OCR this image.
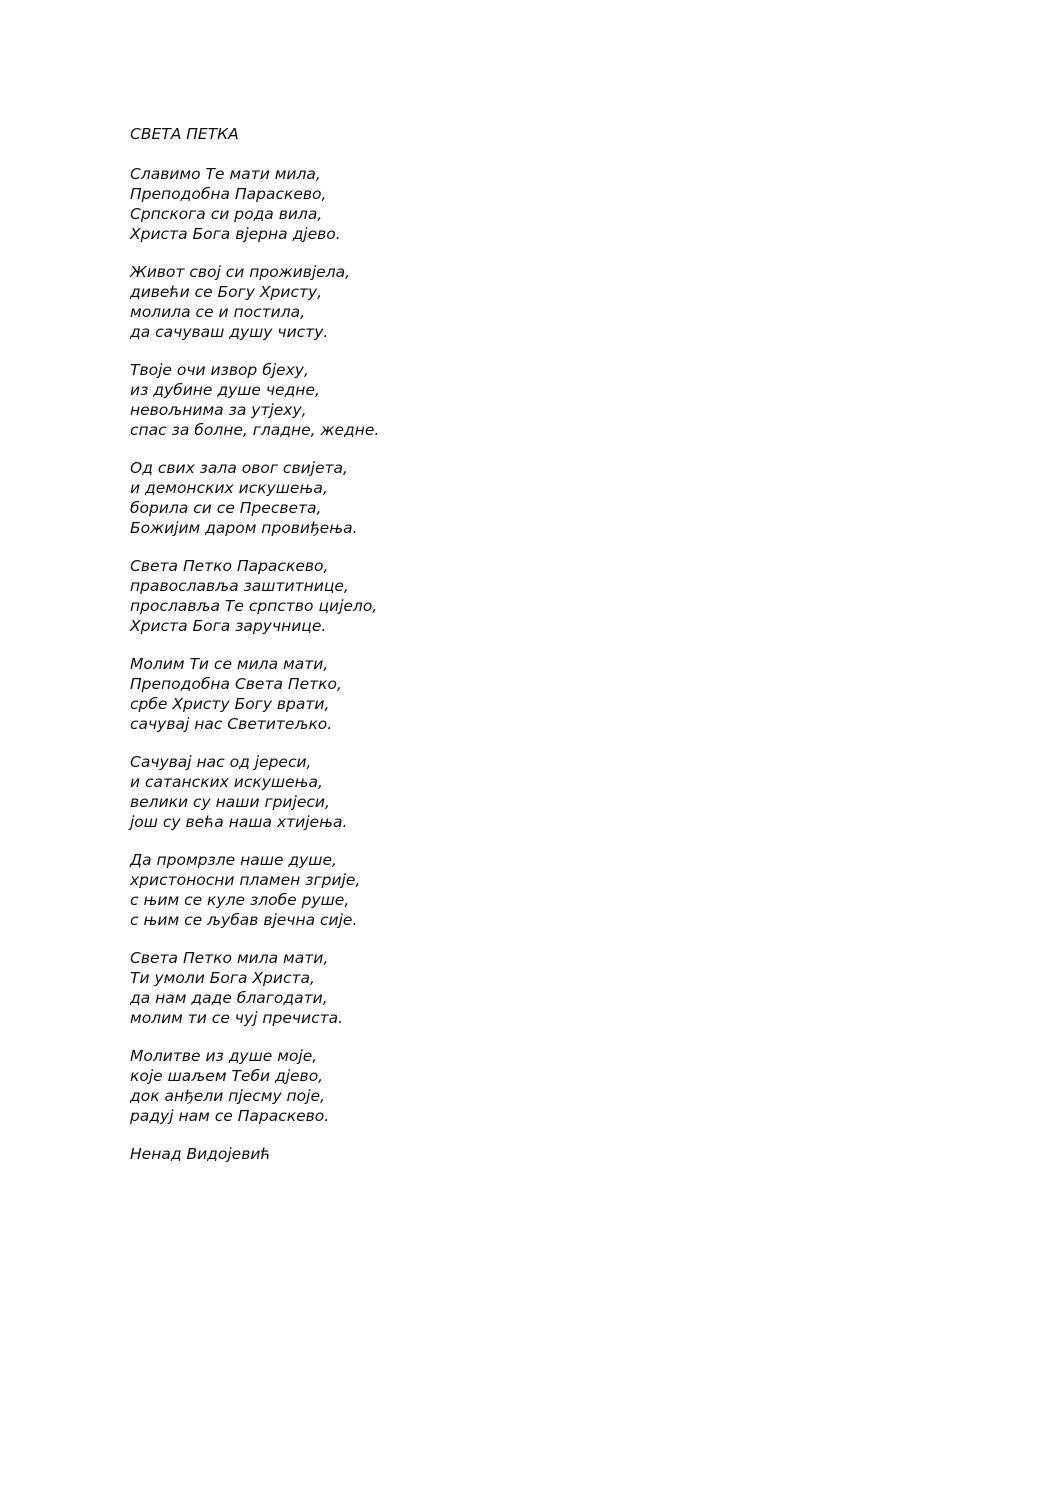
СВЕТА ПЕТКА
Славимо Те мати мила,
Преподобна Параскево,
Српскога си рода вила,
Христа Бога вјерна дјево.
Живот свој си проживјела,
дивећи се Богу Христу,
молила се и постила,
да сачуваш душу чисту.
Твоје очи извор бјеху,
из дубине душе чедне,
невољнима за утјеху,
спас за болне, гладне, жедне.
Од свих зала овог свијета,
и демонских искушења,
борила си се Пресвета,
Божијим даром провиђења.
Света Петко Параскево,
православља заштитнице,
прослављa Те српство цијело,
Христа Бога заручнице.
Молим Ти се мила мати,
Преподобна Света Петко,
србе Христу Богу врати,
сачувај нас Светитељко.
Сачувај нас од јереси,
и сатанских искушења,
велики су наши гријеси,
још су већа наша хтијења.
Да промрзле наше душе,
христоносни пламен згрије,
с њим се куле злобе руше,
с њим се љубав вјечна сије.
Света Петко мила мати,
Ти умоли Бога Христа,
да нам даде благодати,
молим ти се чуј пречиста.
Молитве из душе моје,
које шаљем Теби дјево,
док анђели пјесму поје,
радуј нам се Параскево.
Ненад Видојевић
